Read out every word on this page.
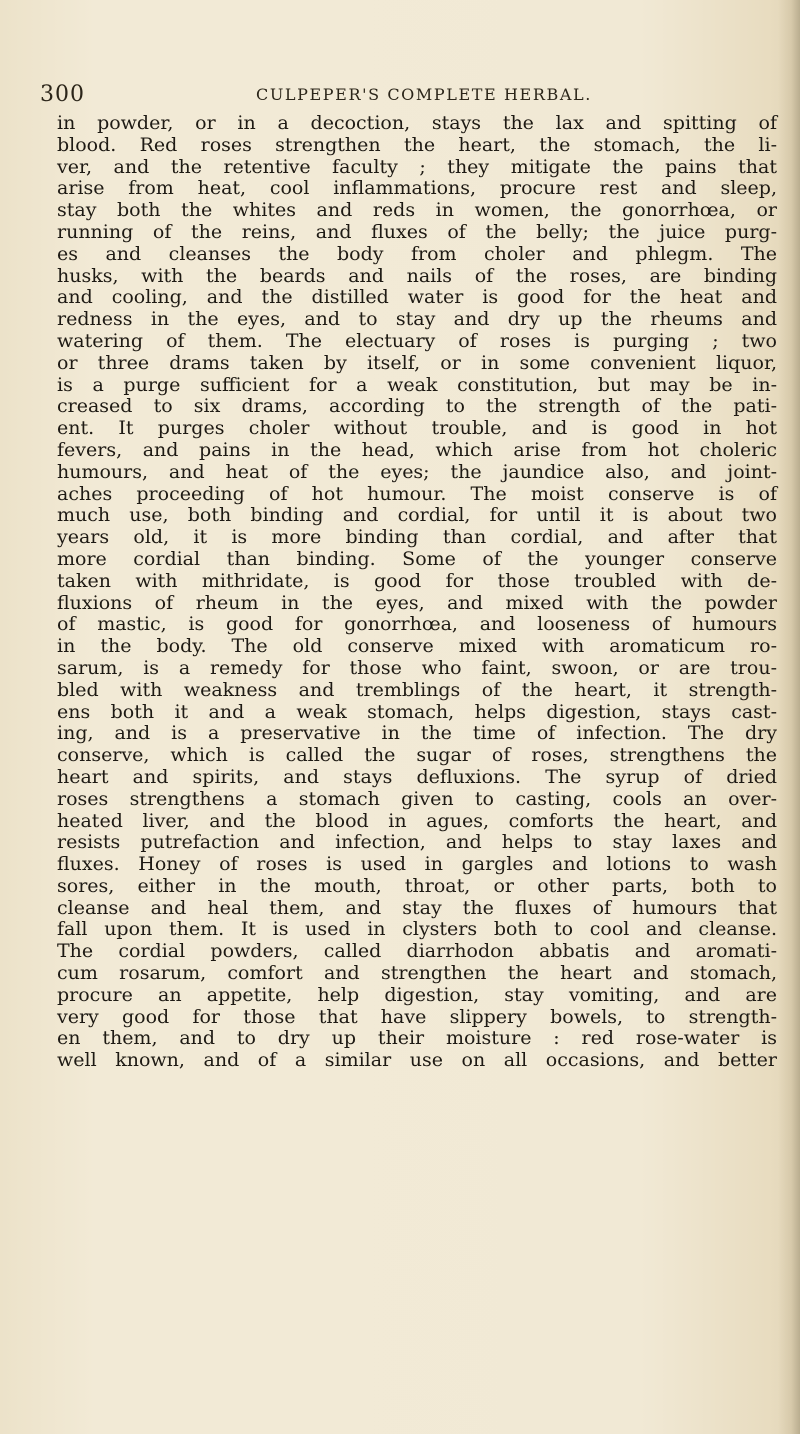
300	CULPEPER'S COMPLETE HERBAL.
in powder, or in a decoction, stays the lax and spitting of
blood. Red roses strengthen the heart, the stomach, the li-
ver, and the retentive faculty ; they mitigate the pains that
arise from heat, cool inflammations, procure rest and sleep,
stay both the whites and reds in women, the gonorrhœa, or
running of the reins, and fluxes of the belly; the juice purg-
es and cleanses the body from choler and phlegm. The
husks, with the beards and nails of the roses, are binding
and cooling, and the distilled water is good for the heat and
redness in the eyes, and to stay and dry up the rheums and
watering of them. The electuary of roses is purging ; two
or three drams taken by itself, or in some convenient liquor,
is a purge sufficient for a weak constitution, but may be in-
creased to six drams, according to the strength of the pati-
ent. It purges choler without trouble, and is good in hot
fevers, and pains in the head, which arise from hot choleric
humours, and heat of the eyes; the jaundice also, and joint-
aches proceeding of hot humour. The moist conserve is of
much use, both binding and cordial, for until it is about two
years old, it is more binding than cordial, and after that
more cordial than binding. Some of the younger conserve
taken with mithridate, is good for those troubled with de-
fluxions of rheum in the eyes, and mixed with the powder
of mastic, is good for gonorrhœa, and looseness of humours
in the body. The old conserve mixed with aromaticum ro-
sarum, is a remedy for those who faint, swoon, or are trou-
bled with weakness and tremblings of the heart, it strength-
ens both it and a weak stomach, helps digestion, stays cast-
ing, and is a preservative in the time of infection. The dry
conserve, which is called the sugar of roses, strengthens the
heart and spirits, and stays defluxions. The syrup of dried
roses strengthens a stomach given to casting, cools an over-
heated liver, and the blood in agues, comforts the heart, and
resists putrefaction and infection, and helps to stay laxes and
fluxes. Honey of roses is used in gargles and lotions to wash
sores, either in the mouth, throat, or other parts, both to
cleanse and heal them, and stay the fluxes of humours that
fall upon them. It is used in clysters both to cool and cleanse.
The cordial powders, called diarrhodon abbatis and aromati-
cum rosarum, comfort and strengthen the heart and stomach,
procure an appetite, help digestion, stay vomiting, and are
very good for those that have slippery bowels, to strength-
en them, and to dry up their moisture : red rose-water is
well known, and of a similar use on all occasions, and better
